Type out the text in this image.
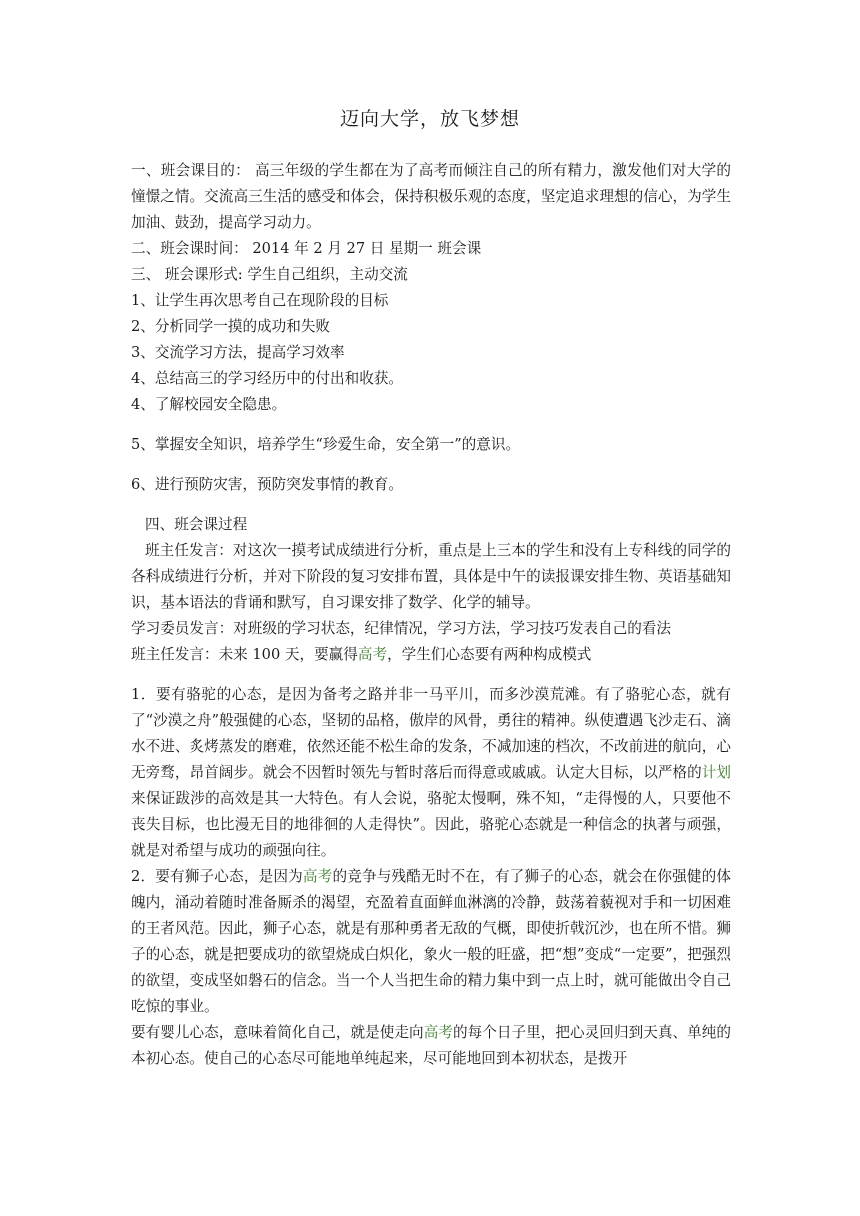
迈向大学，放飞梦想

一、班会课目的： 高三年级的学生都在为了高考而倾注自己的所有精力，激发他们对大学的憧憬之情。交流高三生活的感受和体会，保持积极乐观的态度，坚定追求理想的信心，为学生加油、鼓劲，提高学习动力。

二、班会课时间： 2014 年 2 月 27 日 星期一 班会课

三、 班会课形式: 学生自己组织，主动交流

1、让学生再次思考自己在现阶段的目标

2、分析同学一摸的成功和失败

3、交流学习方法，提高学习效率

4、总结高三的学习经历中的付出和收获。

4、了解校园安全隐患。

5、掌握安全知识，培养学生“珍爱生命，安全第一”的意识。

6、进行预防灾害，预防突发事情的教育。

四、班会课过程

班主任发言：对这次一摸考试成绩进行分析，重点是上三本的学生和没有上专科线的同学的各科成绩进行分析，并对下阶段的复习安排布置，具体是中午的读报课安排生物、英语基础知识，基本语法的背诵和默写，自习课安排了数学、化学的辅导。

学习委员发言：对班级的学习状态，纪律情况，学习方法，学习技巧发表自己的看法

班主任发言：未来 100 天，要赢得高考，学生们心态要有两种构成模式

1．要有骆驼的心态，是因为备考之路并非一马平川，而多沙漠荒滩。有了骆驼心态，就有了“沙漠之舟”般强健的心态，坚韧的品格，傲岸的风骨，勇往的精神。纵使遭遇飞沙走石、滴水不进、炙烤蒸发的磨难，依然还能不松生命的发条，不减加速的档次，不改前进的航向，心无旁骛，昂首阔步。就会不因暂时领先与暂时落后而得意或戚戚。认定大目标，以严格的计划来保证跋涉的高效是其一大特色。有人会说，骆驼太慢啊，殊不知，“走得慢的人，只要他不丧失目标，也比漫无目的地徘徊的人走得快”。因此，骆驼心态就是一种信念的执著与顽强，就是对希望与成功的顽强向往。

2．要有狮子心态，是因为高考的竞争与残酷无时不在，有了狮子的心态，就会在你强健的体魄内，涌动着随时准备厮杀的渴望，充盈着直面鲜血淋漓的冷静，鼓荡着藐视对手和一切困难的王者风范。因此，狮子心态，就是有那种勇者无敌的气概，即使折戟沉沙，也在所不惜。狮子的心态，就是把要成功的欲望烧成白炽化，象火一般的旺盛，把“想”变成“一定要”，把强烈的欲望，变成坚如磐石的信念。当一个人当把生命的精力集中到一点上时，就可能做出令自己吃惊的事业。

要有婴儿心态，意味着简化自己，就是使走向高考的每个日子里，把心灵回归到天真、单纯的本初心态。使自己的心态尽可能地单纯起来，尽可能地回到本初状态，是拨开
